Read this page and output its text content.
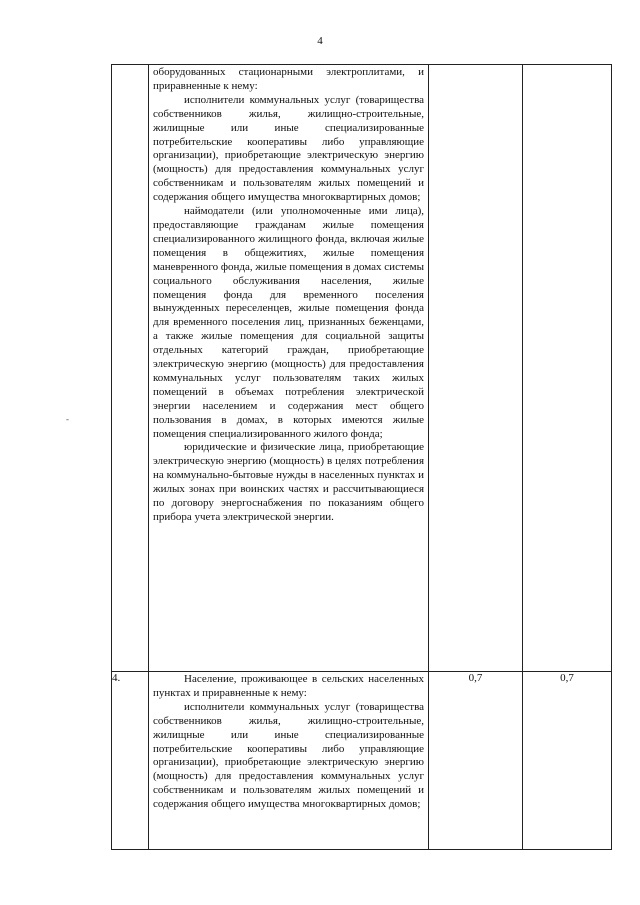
4
-

	оборудованных стационарными электроплитами, и приравненные к нему:

исполнители коммунальных услуг (товарищества собственников жилья, жилищно-строительные, жилищные или иные специализированные потребительские кооперативы либо управляющие организации), приобретающие электрическую энергию (мощность) для предоставления коммунальных услуг собственникам и пользователям жилых помещений и содержания общего имущества многоквартирных домов;

наймодатели (или уполномоченные ими лица), предоставляющие гражданам жилые помещения специализированного жилищного фонда, включая жилые помещения в общежитиях, жилые помещения маневренного фонда, жилые помещения в домах системы социального обслуживания населения, жилые помещения фонда для временного поселения вынужденных переселенцев, жилые помещения фонда для временного поселения лиц, признанных беженцами, а также жилые помещения для социальной защиты отдельных категорий граждан, приобретающие электрическую энергию (мощность) для предоставления коммунальных услуг пользователям таких жилых помещений в объемах потребления электрической энергии населением и содержания мест общего пользования в домах, в которых имеются жилые помещения специализированного жилого фонда;

юридические и физические лица, приобретающие электрическую энергию (мощность) в целях потребления на коммунально-бытовые нужды в населенных пунктах и жилых зонах при воинских частях и рассчитывающиеся по договору энергоснабжения по показаниям общего прибора учета электрической энергии.		

4.	Население, проживающее в сельских населенных пунктах и приравненные к нему:

исполнители коммунальных услуг (товарищества собственников жилья, жилищно-строительные, жилищные или иные специализированные потребительские кооперативы либо управляющие организации), приобретающие электрическую энергию (мощность) для предоставления коммунальных услуг собственникам и пользователям жилых помещений и содержания общего имущества многоквартирных домов;	0,7	0,7
